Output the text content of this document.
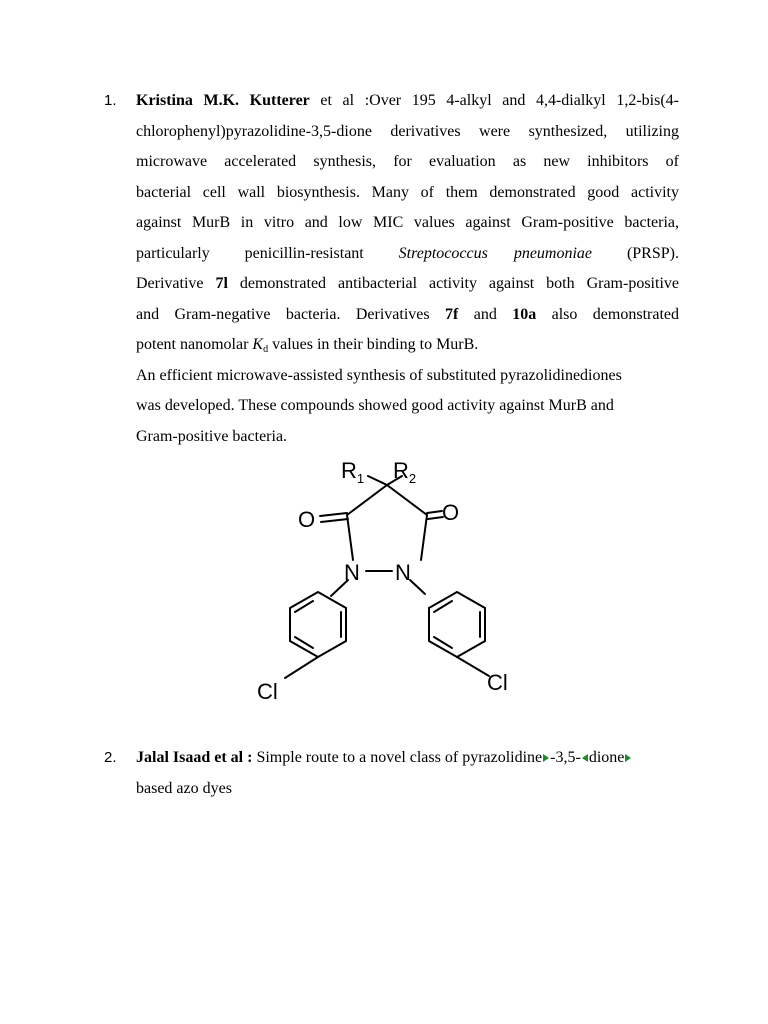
1. Kristina M.K. Kutterer et al :Over 195 4-alkyl and 4,4-dialkyl 1,2-bis(4-
chlorophenyl)pyrazolidine-3,5-dione derivatives were synthesized, utilizing
microwave accelerated synthesis, for evaluation as new inhibitors of
bacterial cell wall biosynthesis. Many of them demonstrated good activity
against MurB in vitro and low MIC values against Gram-positive bacteria,
particularly penicillin-resistant Streptococcus pneumoniae (PRSP).
Derivative 7l demonstrated antibacterial activity against both Gram-positive
and Gram-negative bacteria. Derivatives 7f and 10a also demonstrated
potent nanomolar $K_d$ values in their binding to MurB.
An efficient microwave-assisted synthesis of substituted pyrazolidinediones
was developed. These compounds showed good activity against MurB and
Gram-positive bacteria.
$R_1$ $R_2$
O	O
N N
Cl	Cl
2. Jalal Isaad et al : Simple route to a novel class of pyrazolidine -3,5- dione
based azo dyes
